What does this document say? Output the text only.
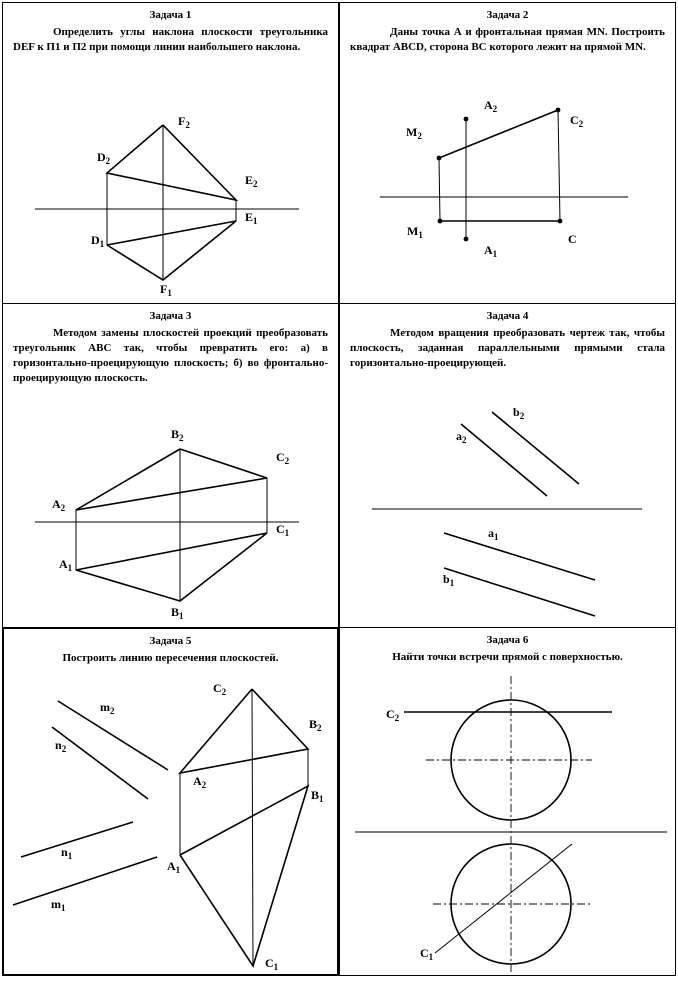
Задача 1
Определить углы наклона плоскости треугольника DEF к П1 и П2 при помощи линии наибольшего наклона.
$F_2$
$D_2$
$E_2$
$E_1$
$D_1$
$F_1$
Задача 2
Даны точка А и фронтальная прямая MN. Построить квадрат ABCD, сторона BC которого лежит на прямой MN.
$A_2$
$M_2$
$C_2$
$M_1$
$A_1$
C
Задача 3
Методом замены плоскостей проекций преобразовать треугольник АВС так, чтобы превратить его: а) в горизонтально-проецирующую плоскость; б) во фронтально-проецирующую плоскость.
$B_2$
$C_2$
$A_2$
$C_1$
$A_1$
$B_1$
Задача 4
Методом вращения преобразовать чертеж так, чтобы плоскость, заданная параллельными прямыми стала горизонтально-проецирующей.
$b_2$
$a_2$
$a_1$
$b_1$
Задача 5
Построить линию пересечения плоскостей.
$C_2$
$m_2$
$n_2$
$B_2$
$A_2$
$B_1$
$n_1$
$A_1$
$m_1$
$C_1$
Задача 6
Найти точки встречи прямой с поверхностью.
$C_2$
$C_1$
